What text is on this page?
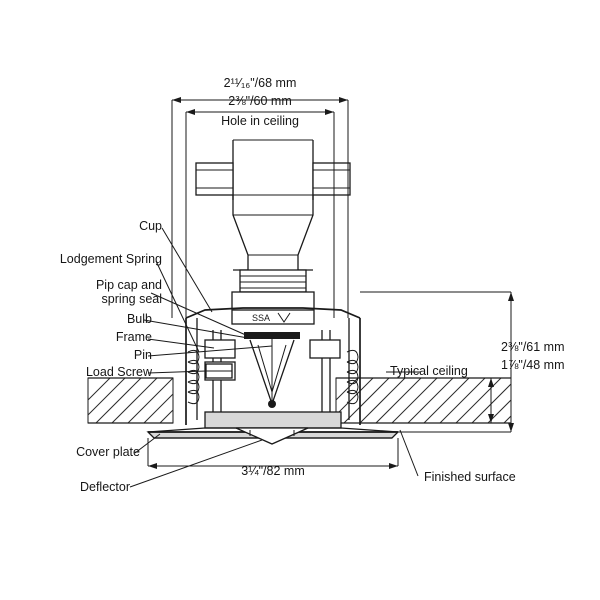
SSA
2¹¹⁄₁₆"/68 mm
2⅜"/60 mm
Hole in ceiling
Cup
Lodgement Spring
Pip cap and
spring seal
Bulb
Frame
Pin
Load Screw
Cover plate
Deflector
Typical ceiling
Finished surface
2⅜"/61 mm
1⅞"/48 mm
3¼"/82 mm
